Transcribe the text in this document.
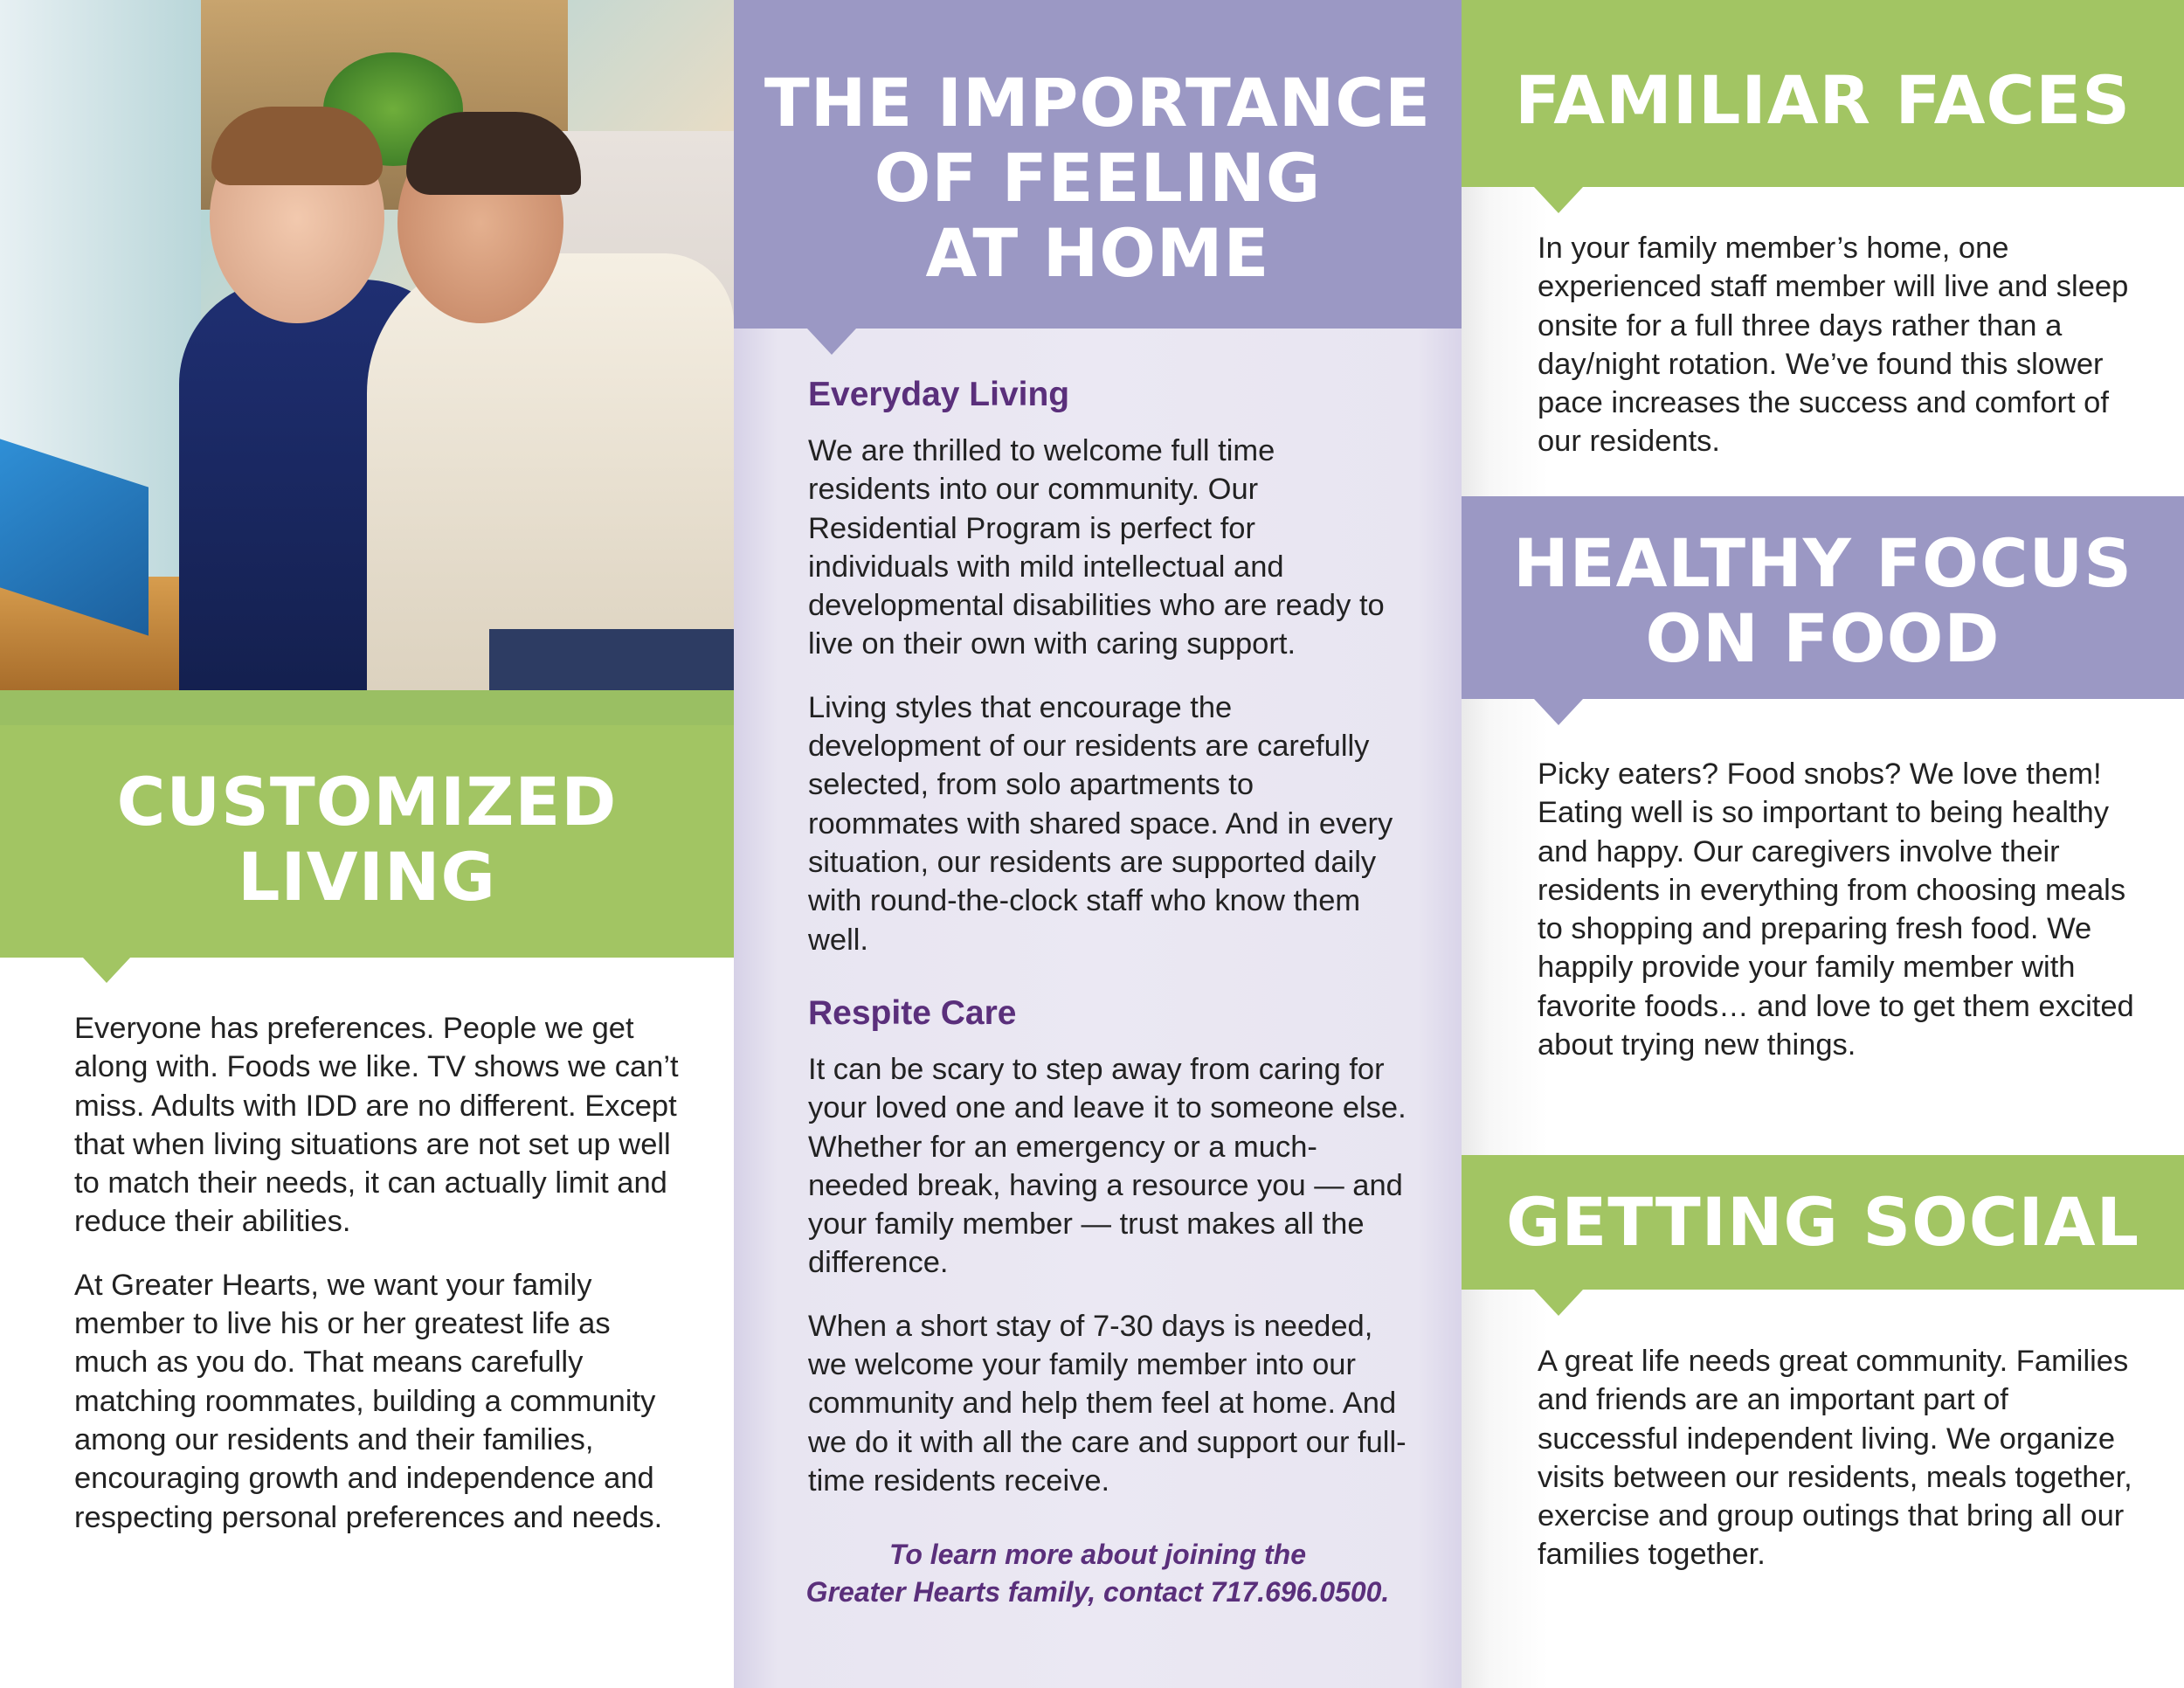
CUSTOMIZED
LIVING

Everyone has preferences. People we get along with. Foods we like. TV shows we can’t miss. Adults with IDD are no different. Except that when living situations are not set up well to match their needs, it can actually limit and reduce their abilities.

At Greater Hearts, we want your family member to live his or her greatest life as much as you do. That means carefully matching roommates, building a community among our residents and their families, encouraging growth and independence and respecting personal preferences and needs.

THE IMPORTANCE
OF FEELING
AT HOME
Everyday Living

We are thrilled to welcome full time residents into our community. Our Residential Program is perfect for individuals with mild intellectual and developmental disabilities who are ready to live on their own with caring support.

Living styles that encourage the development of our residents are carefully selected, from solo apartments to roommates with shared space. And in every situation, our residents are supported daily with round-the-clock staff who know them well.

Respite Care

It can be scary to step away from caring for your loved one and leave it to someone else. Whether for an emergency or a much-needed break, having a resource you — and your family member — trust makes all the difference.

When a short stay of 7-30 days is needed, we welcome your family member into our community and help them feel at home. And we do it with all the care and support our full-time residents receive.

To learn more about joining the
Greater Hearts family, contact 717.696.0500.
FAMILIAR FACES

In your family member’s home, one experienced staff member will live and sleep onsite for a full three days rather than a day/night rotation. We’ve found this slower pace increases the success and comfort of our residents.

HEALTHY FOCUS
ON FOOD

Picky eaters? Food snobs? We love them! Eating well is so important to being healthy and happy. Our caregivers involve their residents in everything from choosing meals to shopping and preparing fresh food. We happily provide your family member with favorite foods… and love to get them excited about trying new things.

GETTING SOCIAL

A great life needs great community. Families and friends are an important part of successful independent living. We organize visits between our residents, meals together, exercise and group outings that bring all our families together.
